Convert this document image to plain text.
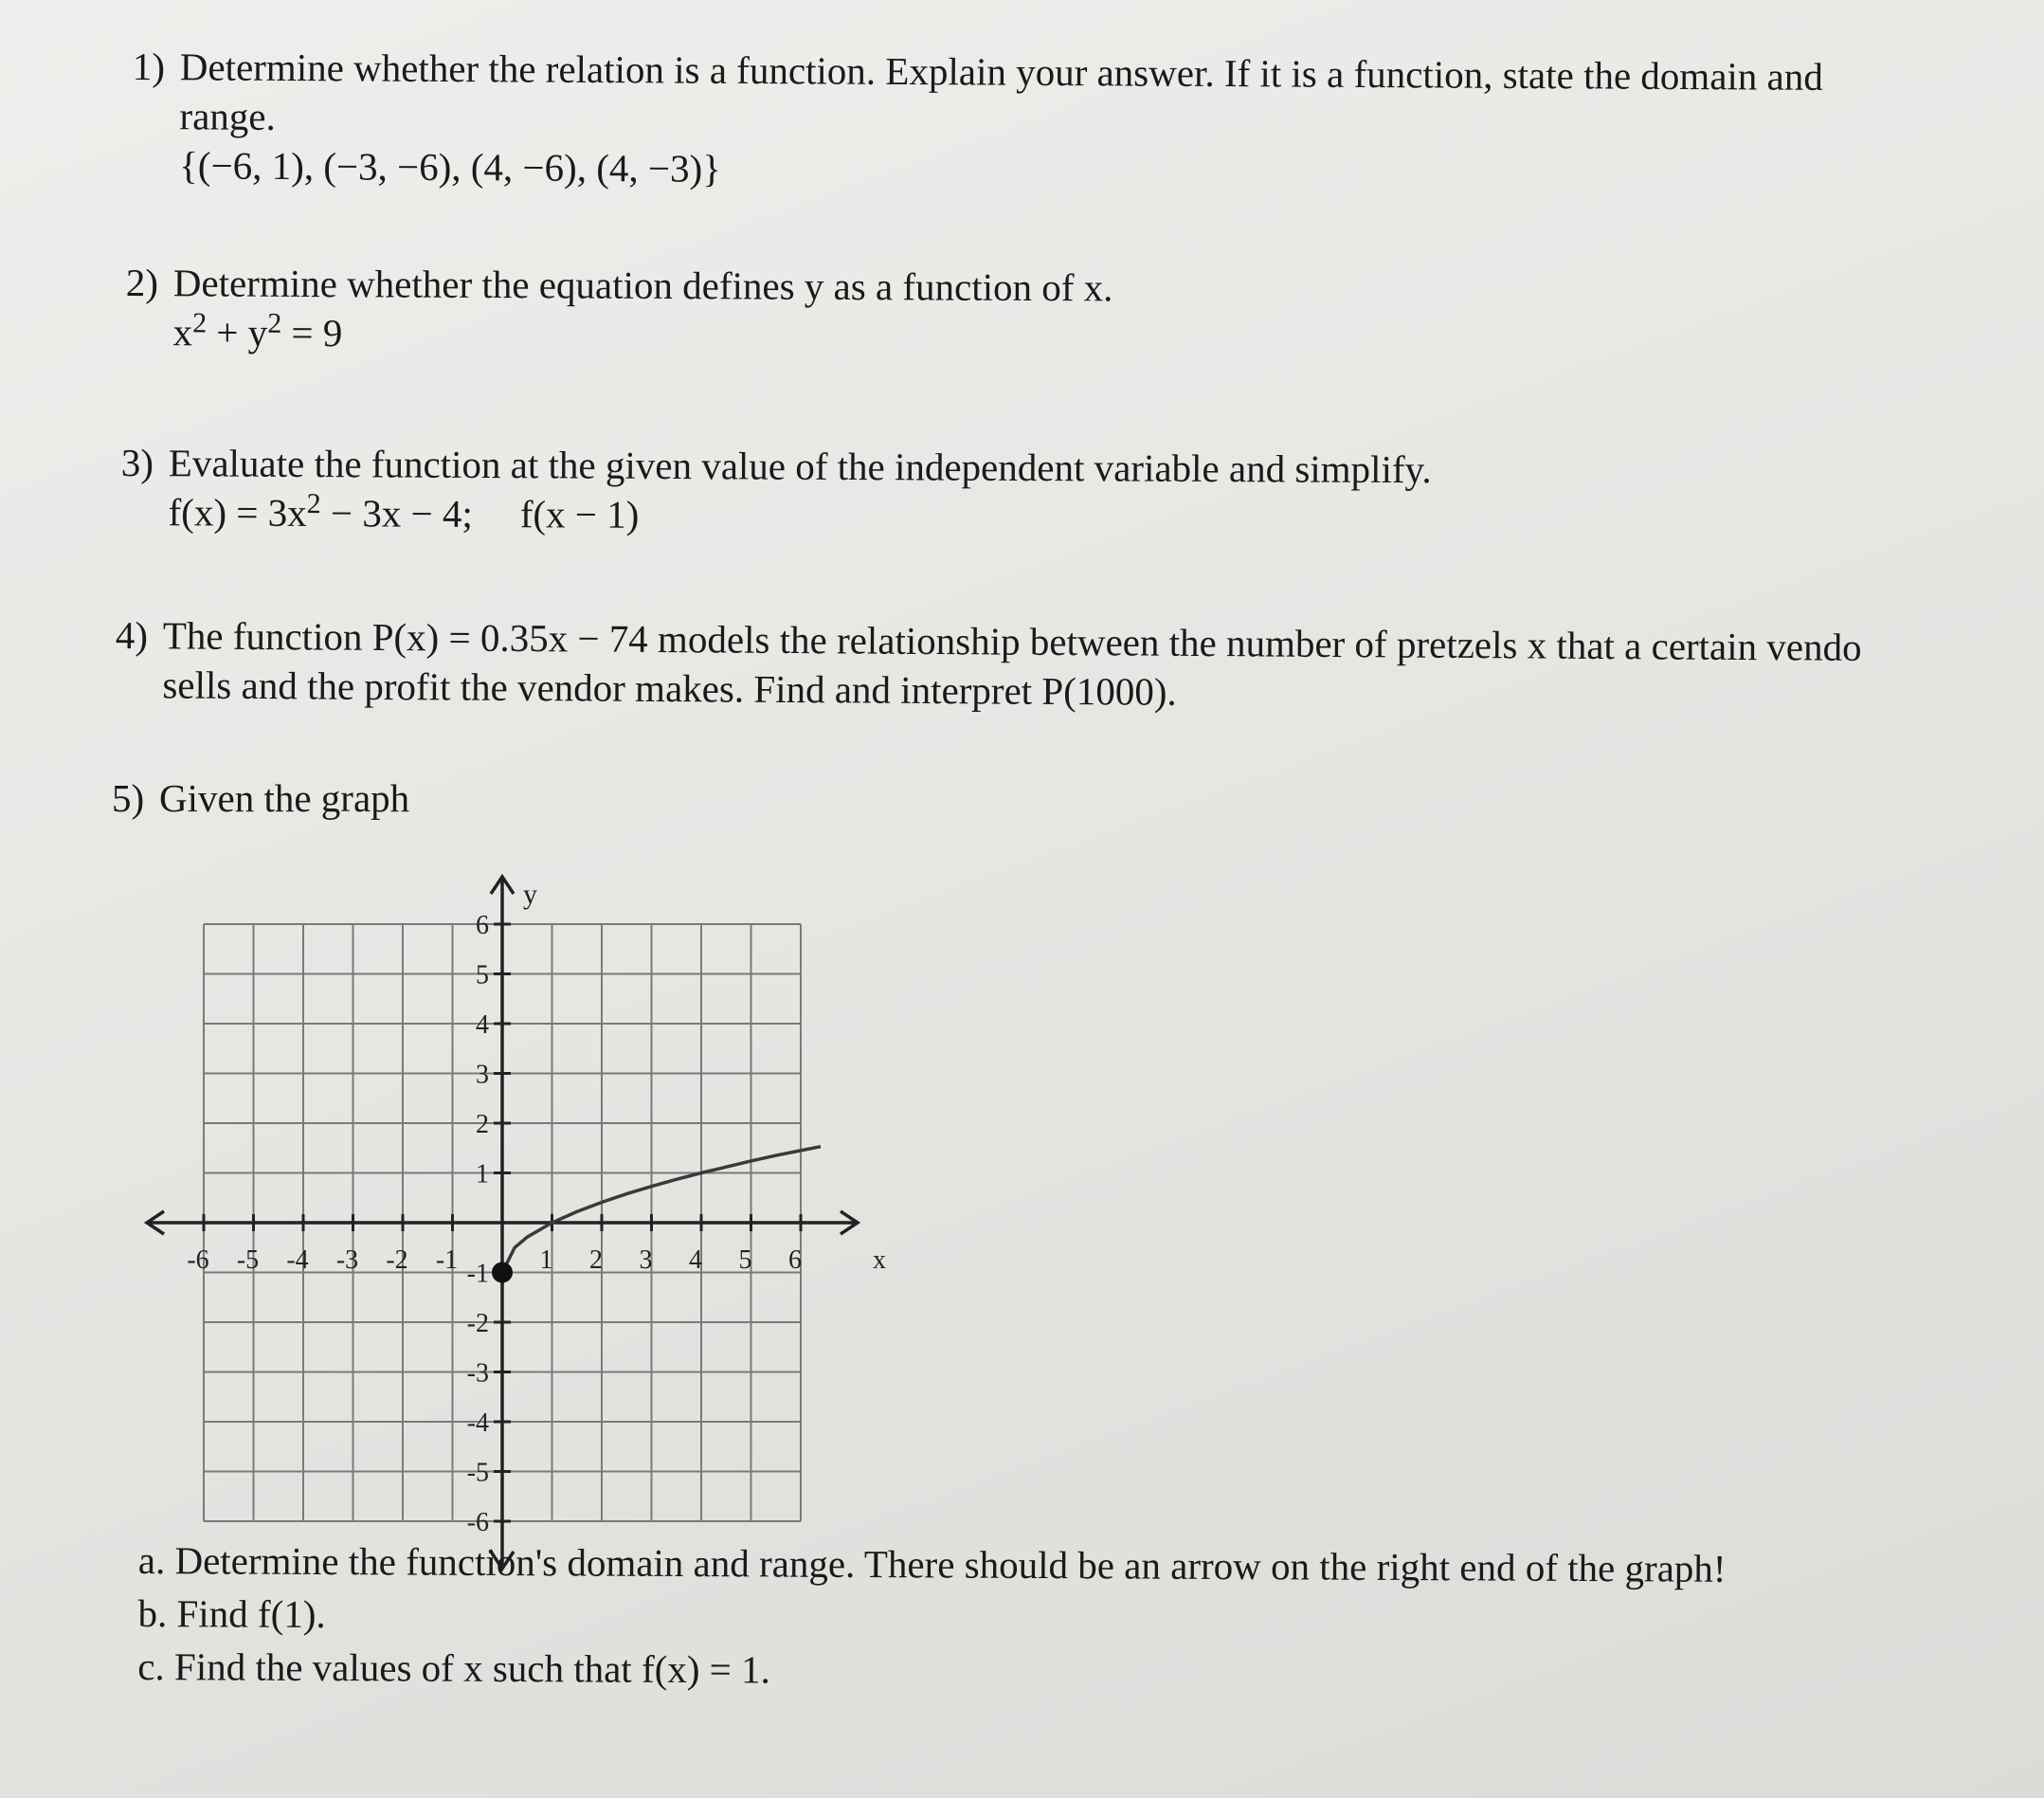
1) Determine whether the relation is a function. Explain your answer. If it is a function, state the domain and
range.
{(−6, 1), (−3, −6), (4, −6), (4, −3)}
2) Determine whether the equation defines y as a function of x.
$x^2 + y^2 = 9$
3) Evaluate the function at the given value of the independent variable and simplify.
$f(x) = 3x^2 - 3x - 4$; f(x − 1)
4) The function P(x) = 0.35x − 74 models the relationship between the number of pretzels x that a certain vendo
sells and the profit the vendor makes. Find and interpret P(1000).
5) Given the graph
-6 -5 -4 -3 -2 -1	1 2 3 4 5 6
6
5
4
3
2
1
-1
-2
-3
-4
-5
-6
x
y
a. Determine the function's domain and range. There should be an arrow on the right end of the graph!
b. Find f(1).
c. Find the values of x such that f(x) = 1.
